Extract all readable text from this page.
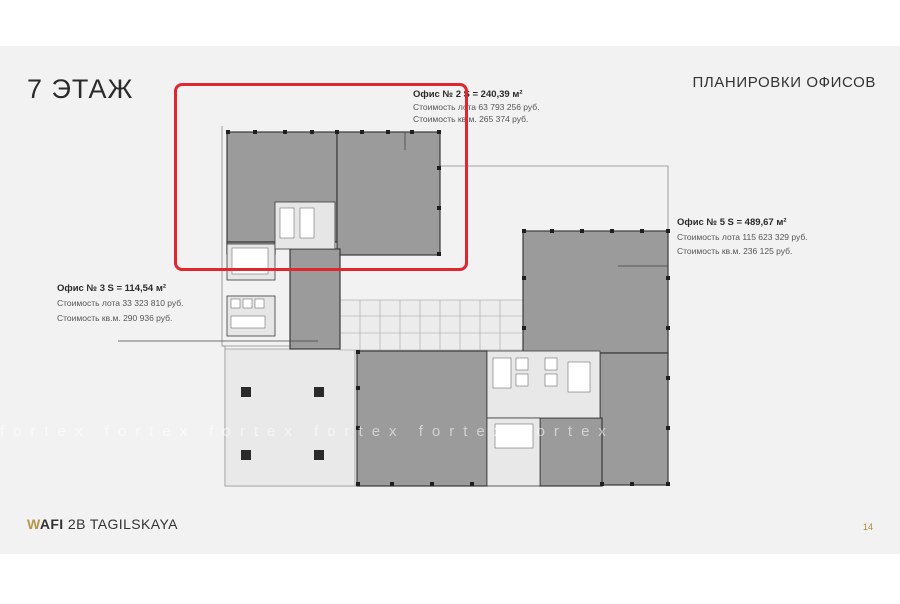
7 ЭТАЖ	ПЛАНИРОВКИ ОФИСОВ
fortex fortex fortex fortex fortex fortex
Офис № 2 S = 240,39 м²
Стоимость лота 63 793 256 руб.
Стоимость кв.м. 265 374 руб.
Офис № 3 S = 114,54 м²
Стоимость лота 33 323 810 руб.
Стоимость кв.м. 290 936 руб.
Офис № 5 S = 489,67 м²
Стоимость лота 115 623 329 руб.
Стоимость кв.м. 236 125 руб.
WAFI 2B TAGILSKAYA	14
